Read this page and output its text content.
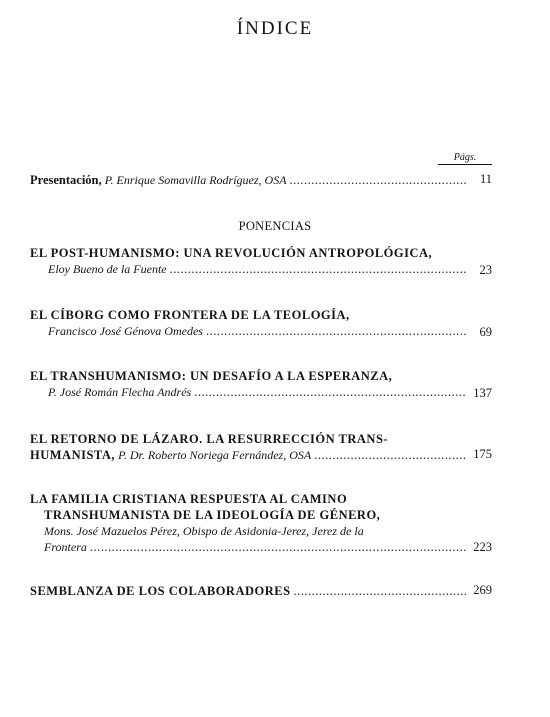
ÍNDICE
Págs.
Presentación, P. Enrique Somavilla Rodríguez, OSA .....	11
PONENCIAS
EL POST-HUMANISMO: UNA REVOLUCIÓN ANTROPOLÓGICA,
Eloy Bueno de la Fuente .....	23
EL CÍBORG COMO FRONTERA DE LA TEOLOGÍA,
Francisco José Génova Omedes .....	69
EL TRANSHUMANISMO: UN DESAFÍO A LA ESPERANZA,
P. José Román Flecha Andrés .....	137
EL RETORNO DE LÁZARO. LA RESURRECCIÓN TRANS-
HUMANISTA, P. Dr. Roberto Noriega Fernández, OSA .....	175
LA FAMILIA CRISTIANA RESPUESTA AL CAMINO
TRANSHUMANISTA DE LA IDEOLOGÍA DE GÉNERO,
Mons. José Mazuelos Pérez, Obispo de Asidonia-Jerez, Jerez de la
Frontera .....	223
SEMBLANZA DE LOS COLABORADORES .....	269
